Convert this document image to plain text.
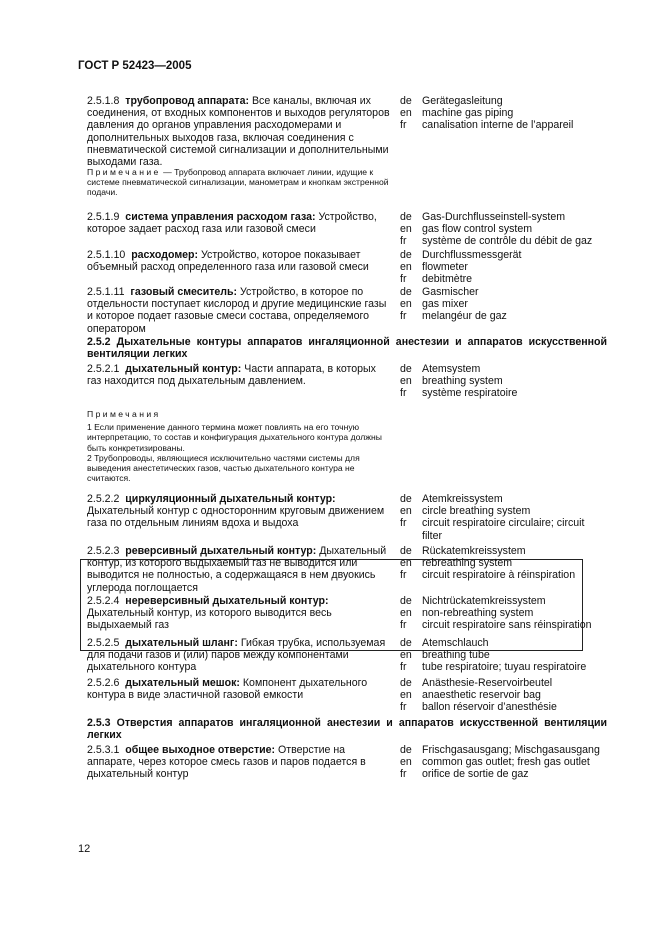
ГОСТ Р 52423—2005
2.5.1.8 трубопровод аппарата: Все каналы, включая их соединения, от входных компонентов и выходов регуляторов давления до органов управления расходомерами и дополнительных выходов газа, включая соединения с пневматической системой сигнализации и дополнительными выходами газа.
de Gerätegasleitung
en machine gas piping
fr	canalisation interne de l’appareil
Примечание — Трубопровод аппарата включает линии, идущие к системе пневматической сигнализации, манометрам и кнопкам экстренной подачи.
2.5.1.9 система управления расходом газа: Устройство, которое задает расход газа или газовой смеси
de Gas-Durchflusseinstell-system
en gas flow control system
fr	système de contrôle du débit de gaz
2.5.1.10 расходомер: Устройство, которое показывает объемный расход определенного газа или газовой смеси
de Durchflussmessgerät
en flowmeter
fr	debitmètre
2.5.1.11 газовый смеситель: Устройство, в которое по отдельности поступает кислород и другие медицинские газы и которое подает газовые смеси состава, определяемого оператором
de Gasmischer
en gas mixer
fr	melangéur de gaz
2.5.2 Дыхательные контуры аппаратов ингаляционной анестезии и аппаратов искусственной вентиляции легких
2.5.2.1 дыхательный контур: Части аппарата, в которых газ находится под дыхательным давлением.
de Atemsystem
en breathing system
fr	système respiratoire
Примечания
1 Если применение данного термина может повлиять на его точную интерпретацию, то состав и конфигурация дыхательного контура должны быть конкретизированы.
2 Трубопроводы, являющиеся исключительно частями системы для выведения анестетических газов, частью дыхательного контура не считаются.
2.5.2.2 циркуляционный дыхательный контур: Дыхательный контур с односторонним круговым движением газа по отдельным линиям вдоха и выдоха
de Atemkreissystem
en circle breathing system
fr	circuit respiratoire circulaire; circuit filter
2.5.2.3 реверсивный дыхательный контур: Дыхательный контур, из которого выдыхаемый газ не выводится или выводится не полностью, а содержащаяся в нем двуокись углерода поглощается
de Rückatemkreissystem
en rebreathing system
fr	circuit respiratoire à réinspiration
2.5.2.4 нереверсивный дыхательный контур: Дыхательный контур, из которого выводится весь выдыхаемый газ
de Nichtrückatemkreissystem
en non-rebreathing system
fr	circuit respiratoire sans réinspiration
2.5.2.5 дыхательный шланг: Гибкая трубка, используемая для подачи газов и (или) паров между компонентами дыхательного контура
de Atemschlauch
en breathing tube
fr	tube respiratoire; tuyau respiratoire
2.5.2.6 дыхательный мешок: Компонент дыхательного контура в виде эластичной газовой емкости
de Anästhesie-Reservoirbeutel
en anaesthetic reservoir bag
fr	ballon réservoir d’anesthésie
2.5.3 Отверстия аппаратов ингаляционной анестезии и аппаратов искусственной вентиляции легких
2.5.3.1 общее выходное отверстие: Отверстие на аппарате, через которое смесь газов и паров подается в дыхательный контур
de Frischgasausgang; Mischgasausgang
en common gas outlet; fresh gas outlet
fr	orifice de sortie de gaz
12
